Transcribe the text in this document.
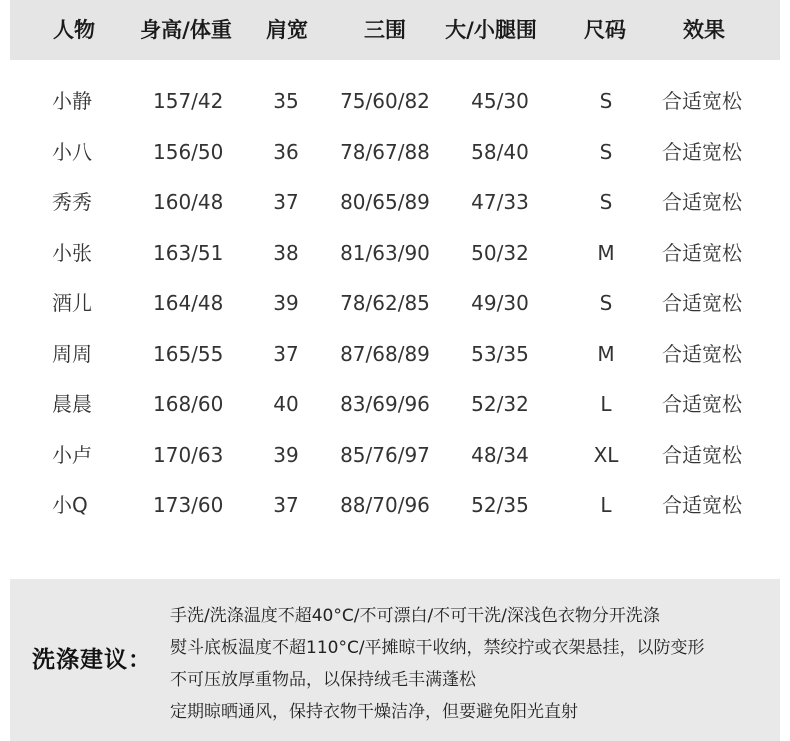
人物 身高/体重 肩宽	三围 大/小腿围 尺码	效果
小静	157/42 35 75/60/82 45/30	S 合适宽松
小八	156/50 36 78/67/88 58/40	S 合适宽松
秀秀	160/48 37 80/65/89 47/33	S 合适宽松
小张	163/51 38 81/63/90 50/32	M 合适宽松
酒儿	164/48 39 78/62/85 49/30	S 合适宽松
周周	165/55 37 87/68/89 53/35	M 合适宽松
晨晨	168/60 40 83/69/96 52/32	L	合适宽松
小卢	170/63 39 85/76/97 48/34	XL 合适宽松
小Q	173/60 37 88/70/96 52/35	L	合适宽松
洗涤建议：
手洗/洗涤温度不超40°C/不可漂白/不可干洗/深浅色衣物分开洗涤
熨斗底板温度不超110°C/平摊晾干收纳，禁绞拧或衣架悬挂，以防变形
不可压放厚重物品，以保持绒毛丰满蓬松
定期晾晒通风，保持衣物干燥洁净，但要避免阳光直射
